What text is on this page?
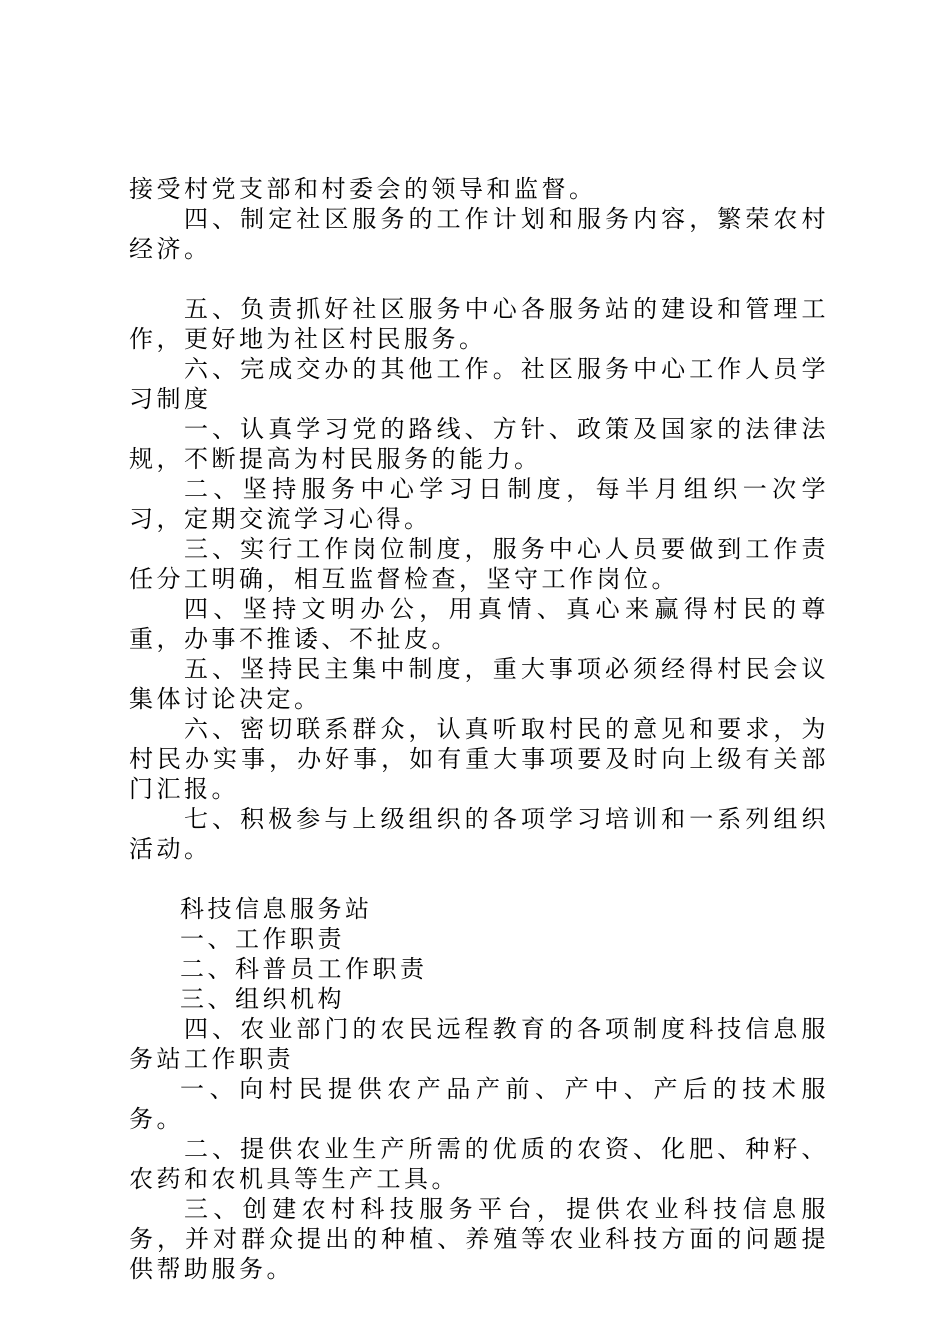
接受村党支部和村委会的领导和监督。

四、制定社区服务的工作计划和服务内容，繁荣农村经济。

五、负责抓好社区服务中心各服务站的建设和管理工作，更好地为社区村民服务。

六、完成交办的其他工作。社区服务中心工作人员学习制度

一、认真学习党的路线、方针、政策及国家的法律法规，不断提高为村民服务的能力。

二、坚持服务中心学习日制度，每半月组织一次学习，定期交流学习心得。

三、实行工作岗位制度，服务中心人员要做到工作责任分工明确，相互监督检查，坚守工作岗位。

四、坚持文明办公，用真情、真心来赢得村民的尊重，办事不推诿、不扯皮。

五、坚持民主集中制度，重大事项必须经得村民会议集体讨论决定。

六、密切联系群众，认真听取村民的意见和要求，为村民办实事，办好事，如有重大事项要及时向上级有关部门汇报。

七、积极参与上级组织的各项学习培训和一系列组织活动。

科技信息服务站

一、工作职责

二、科普员工作职责

三、组织机构

四、农业部门的农民远程教育的各项制度科技信息服务站工作职责

一、向村民提供农产品产前、产中、产后的技术服务。

二、提供农业生产所需的优质的农资、化肥、种籽、农药和农机具等生产工具。

三、创建农村科技服务平台，提供农业科技信息服务，并对群众提出的种植、养殖等农业科技方面的问题提供帮助服务。
